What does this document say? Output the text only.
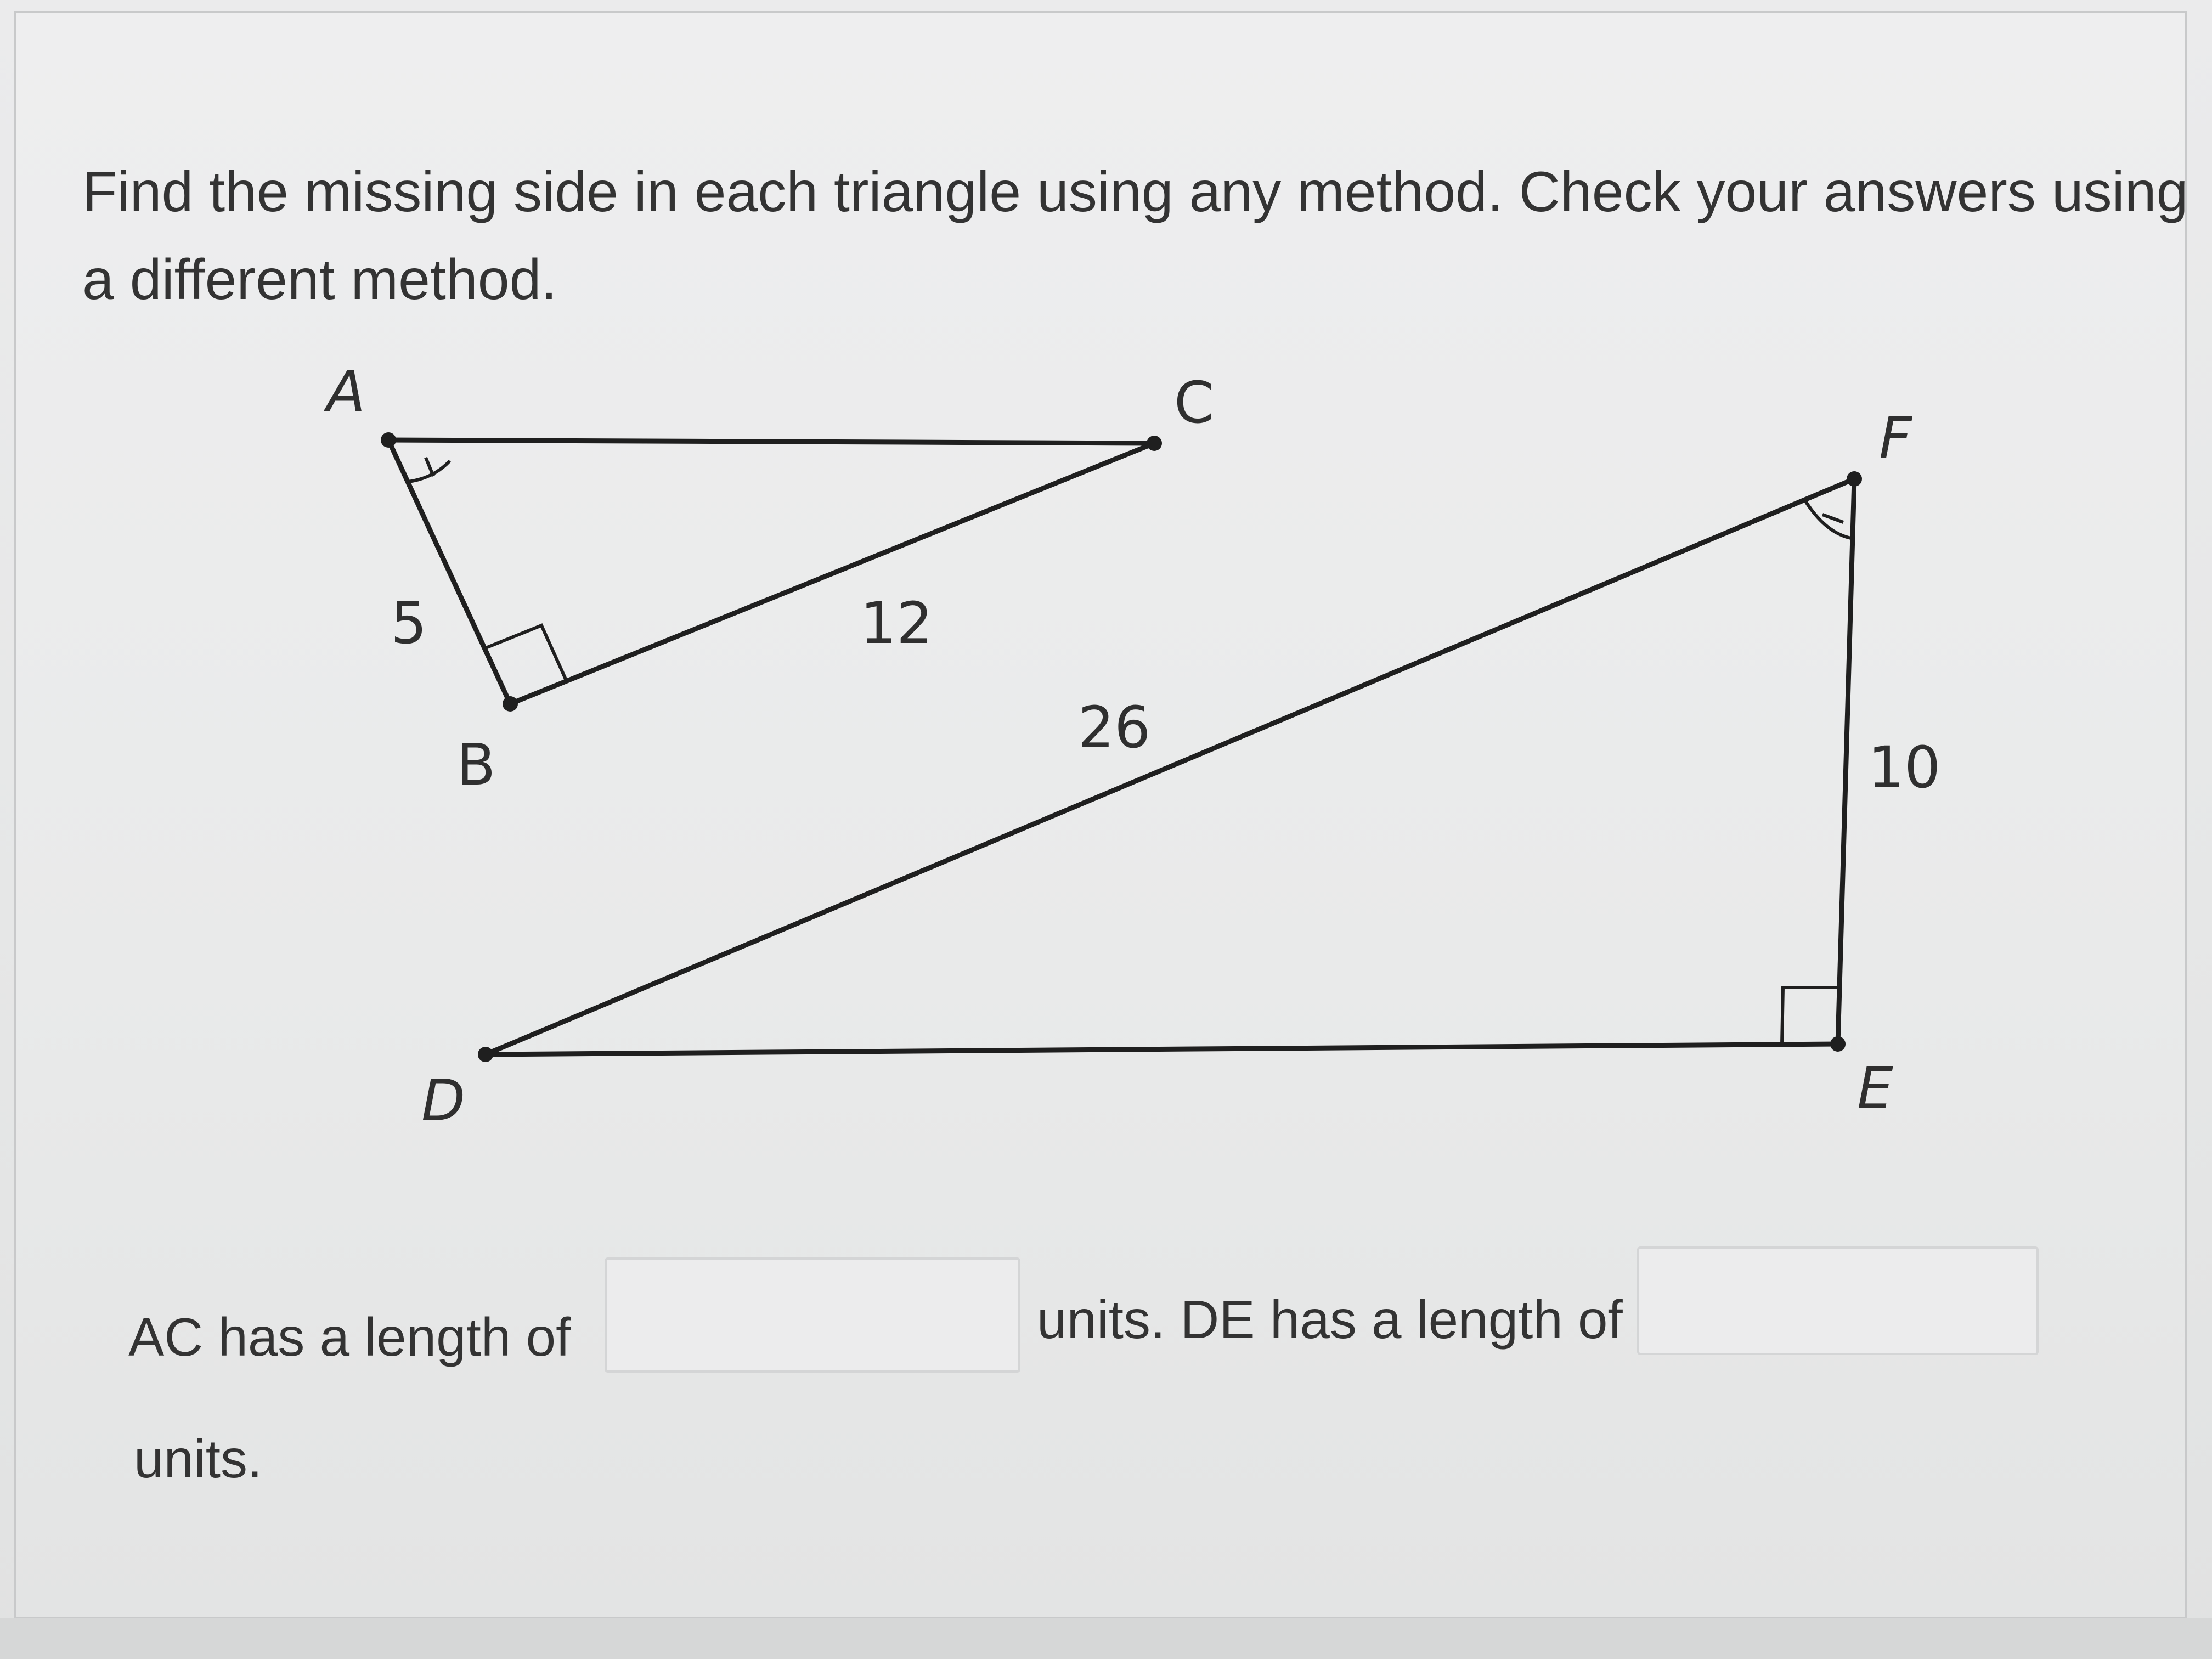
Find the missing side in each triangle using any method. Check your answers using a different method.

A
B
C
5	12
D	E
F
26
10
AC has a length of	units. DE has a length of
units.
